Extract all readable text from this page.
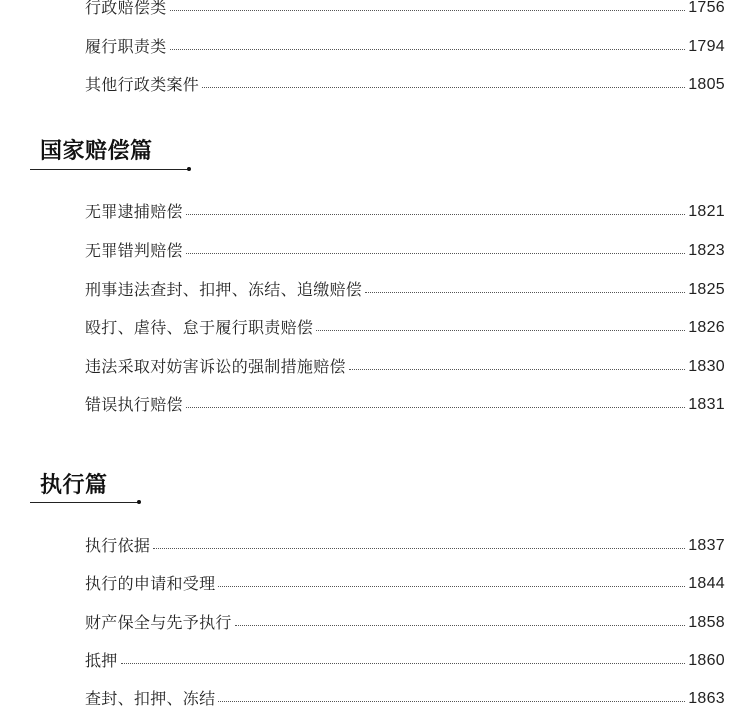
行政赔偿类	1756
履行职责类	1794
其他行政类案件	1805
国家赔偿篇
无罪逮捕赔偿	1821
无罪错判赔偿	1823
刑事违法查封、扣押、冻结、追缴赔偿	1825
殴打、虐待、怠于履行职责赔偿	1826
违法采取对妨害诉讼的强制措施赔偿	1830
错误执行赔偿	1831
执行篇
执行依据	1837
执行的申请和受理	1844
财产保全与先予执行	1858
抵押	1860
查封、扣押、冻结	1863
